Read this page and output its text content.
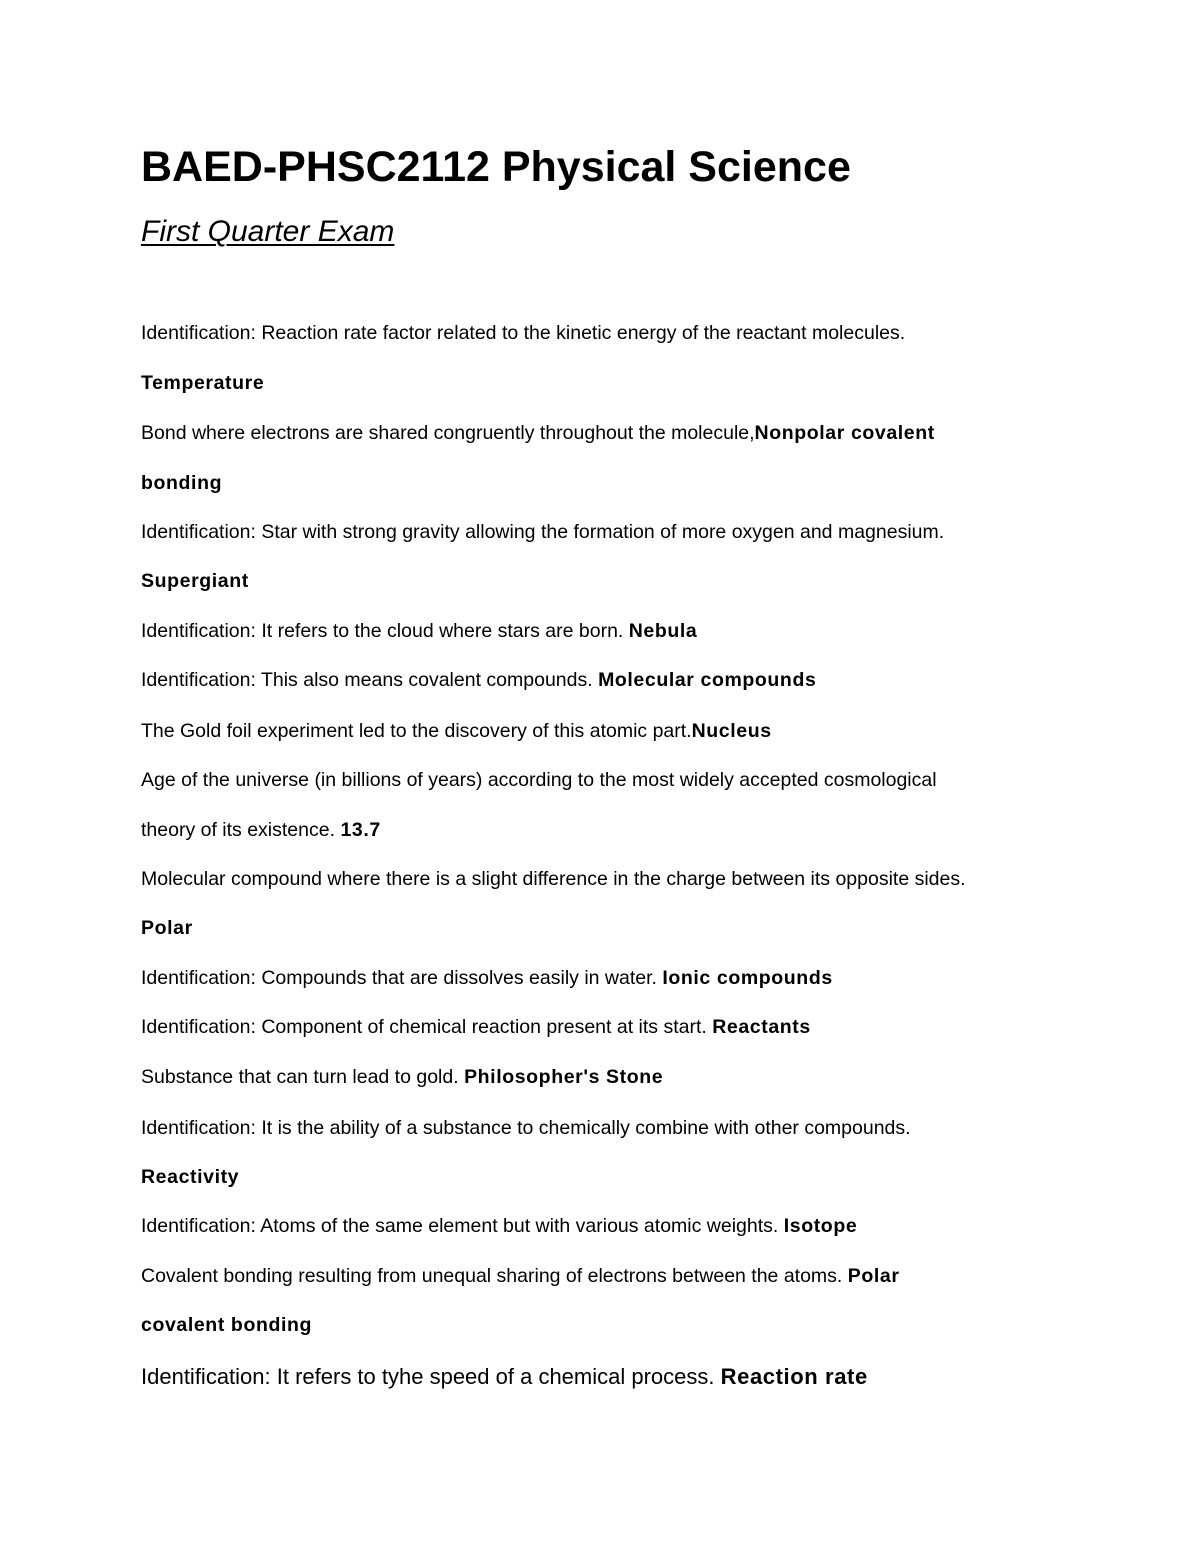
BAED-PHSC2112 Physical Science

First Quarter Exam

Identification: Reaction rate factor related to the kinetic energy of the reactant molecules.

Temperature

Bond where electrons are shared congruently throughout the molecule,Nonpolar covalent

bonding

Identification: Star with strong gravity allowing the formation of more oxygen and magnesium.

Supergiant

Identification: It refers to the cloud where stars are born. Nebula

Identification: This also means covalent compounds. Molecular compounds

The Gold foil experiment led to the discovery of this atomic part.Nucleus

Age of the universe (in billions of years) according to the most widely accepted cosmological

theory of its existence. 13.7

Molecular compound where there is a slight difference in the charge between its opposite sides.

Polar

Identification: Compounds that are dissolves easily in water. Ionic compounds

Identification: Component of chemical reaction present at its start. Reactants

Substance that can turn lead to gold. Philosopher's Stone

Identification: It is the ability of a substance to chemically combine with other compounds.

Reactivity

Identification: Atoms of the same element but with various atomic weights. Isotope

Covalent bonding resulting from unequal sharing of electrons between the atoms. Polar

covalent bonding

Identification: It refers to tyhe speed of a chemical process. Reaction rate
